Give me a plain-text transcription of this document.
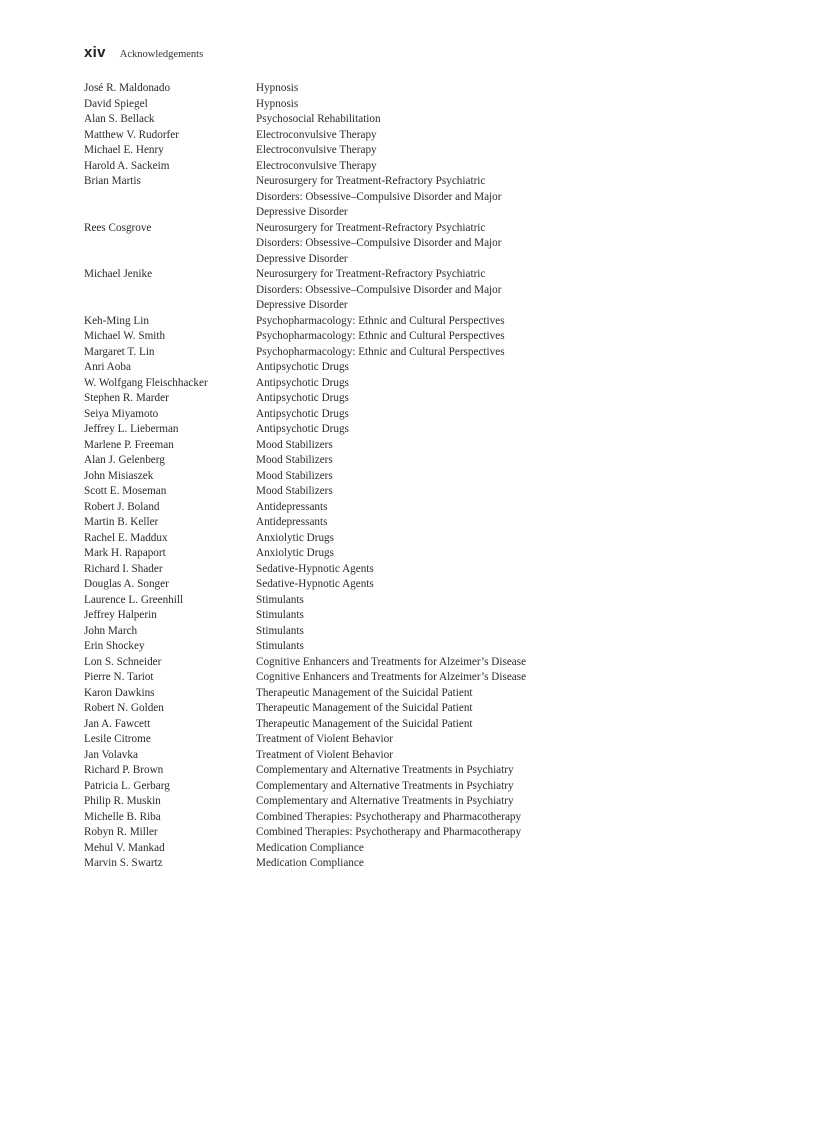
xiv Acknowledgements
José R. Maldonado	Hypnosis
David Spiegel	Hypnosis
Alan S. Bellack	Psychosocial Rehabilitation
Matthew V. Rudorfer	Electroconvulsive Therapy
Michael E. Henry	Electroconvulsive Therapy
Harold A. Sackeim	Electroconvulsive Therapy
Brian Martis	Neurosurgery for Treatment-Refractory Psychiatric
Disorders: Obsessive–Compulsive Disorder and Major
Depressive Disorder
Rees Cosgrove	Neurosurgery for Treatment-Refractory Psychiatric
Disorders: Obsessive–Compulsive Disorder and Major
Depressive Disorder
Michael Jenike	Neurosurgery for Treatment-Refractory Psychiatric
Disorders: Obsessive–Compulsive Disorder and Major
Depressive Disorder
Keh-Ming Lin	Psychopharmacology: Ethnic and Cultural Perspectives
Michael W. Smith	Psychopharmacology: Ethnic and Cultural Perspectives
Margaret T. Lin	Psychopharmacology: Ethnic and Cultural Perspectives
Anri Aoba	Antipsychotic Drugs
W. Wolfgang Fleischhacker	Antipsychotic Drugs
Stephen R. Marder	Antipsychotic Drugs
Seiya Miyamoto	Antipsychotic Drugs
Jeffrey L. Lieberman	Antipsychotic Drugs
Marlene P. Freeman	Mood Stabilizers
Alan J. Gelenberg	Mood Stabilizers
John Misiaszek	Mood Stabilizers
Scott E. Moseman	Mood Stabilizers
Robert J. Boland	Antidepressants
Martin B. Keller	Antidepressants
Rachel E. Maddux	Anxiolytic Drugs
Mark H. Rapaport	Anxiolytic Drugs
Richard I. Shader	Sedative-Hypnotic Agents
Douglas A. Songer	Sedative-Hypnotic Agents
Laurence L. Greenhill	Stimulants
Jeffrey Halperin	Stimulants
John March	Stimulants
Erin Shockey	Stimulants
Lon S. Schneider	Cognitive Enhancers and Treatments for Alzeimer’s Disease
Pierre N. Tariot	Cognitive Enhancers and Treatments for Alzeimer’s Disease
Karon Dawkins	Therapeutic Management of the Suicidal Patient
Robert N. Golden	Therapeutic Management of the Suicidal Patient
Jan A. Fawcett	Therapeutic Management of the Suicidal Patient
Lesile Citrome	Treatment of Violent Behavior
Jan Volavka	Treatment of Violent Behavior
Richard P. Brown	Complementary and Alternative Treatments in Psychiatry
Patricia L. Gerbarg	Complementary and Alternative Treatments in Psychiatry
Philip R. Muskin	Complementary and Alternative Treatments in Psychiatry
Michelle B. Riba	Combined Therapies: Psychotherapy and Pharmacotherapy
Robyn R. Miller	Combined Therapies: Psychotherapy and Pharmacotherapy
Mehul V. Mankad	Medication Compliance
Marvin S. Swartz	Medication Compliance
